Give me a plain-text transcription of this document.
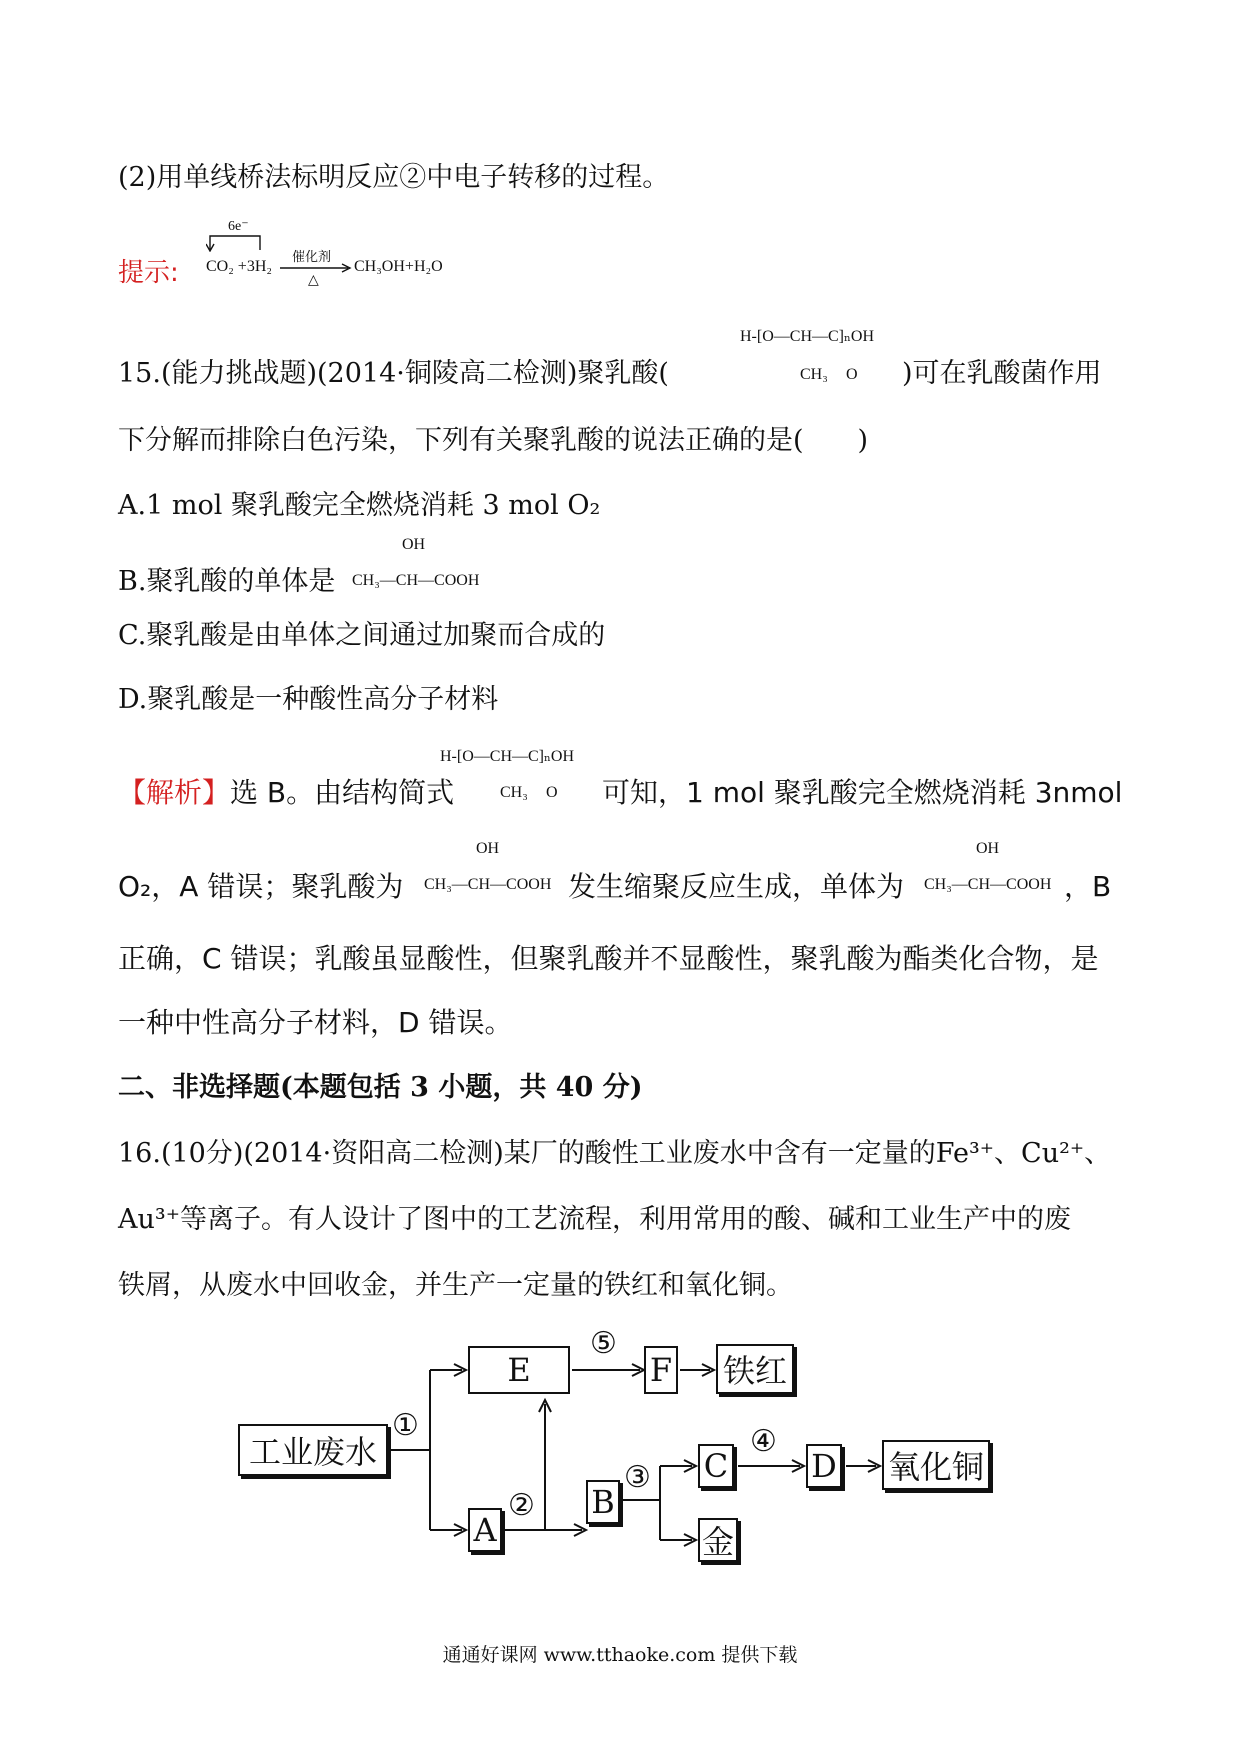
(2)用单线桥法标明反应②中电子转移的过程。
提示:
6e⁻
CO₂ +3H₂
催化剂
△
CH₃OH+H₂O
15.(能力挑战题)(2014·铜陵高二检测)聚乳酸(
H-[O—CH—C]ₙOH
CH₃ O )可在乳酸菌作用
下分解而排除白色污染，下列有关聚乳酸的说法正确的是(　　)
A.1 mol 聚乳酸完全燃烧消耗 3 mol O₂
B.聚乳酸的单体是
OH
CH₃—CH—COOH
C.聚乳酸是由单体之间通过加聚而合成的
D.聚乳酸是一种酸性高分子材料
【解析】选 B。由结构简式
H-[O—CH—C]ₙOH
CH₃ O 可知，1 mol 聚乳酸完全燃烧消耗 3nmol
O₂，A 错误；聚乳酸为
OH
CH₃—CH—COOH 发生缩聚反应生成，单体为
OH
CH₃—CH—COOH ，B
正确，C 错误；乳酸虽显酸性，但聚乳酸并不显酸性，聚乳酸为酯类化合物，是
一种中性高分子材料，D 错误。
二、非选择题(本题包括 3 小题，共 40 分)
16.(10分)(2014·资阳高二检测)某厂的酸性工业废水中含有一定量的Fe³⁺、Cu²⁺、
Au³⁺等离子。有人设计了图中的工艺流程，利用常用的酸、碱和工业生产中的废
铁屑，从废水中回收金，并生产一定量的铁红和氧化铜。
工业废水
E	F 铁红
A
B
C	D 氧化铜
金
①
②
③
④
⑤
通通好课网 www.tthaoke.com 提供下载
